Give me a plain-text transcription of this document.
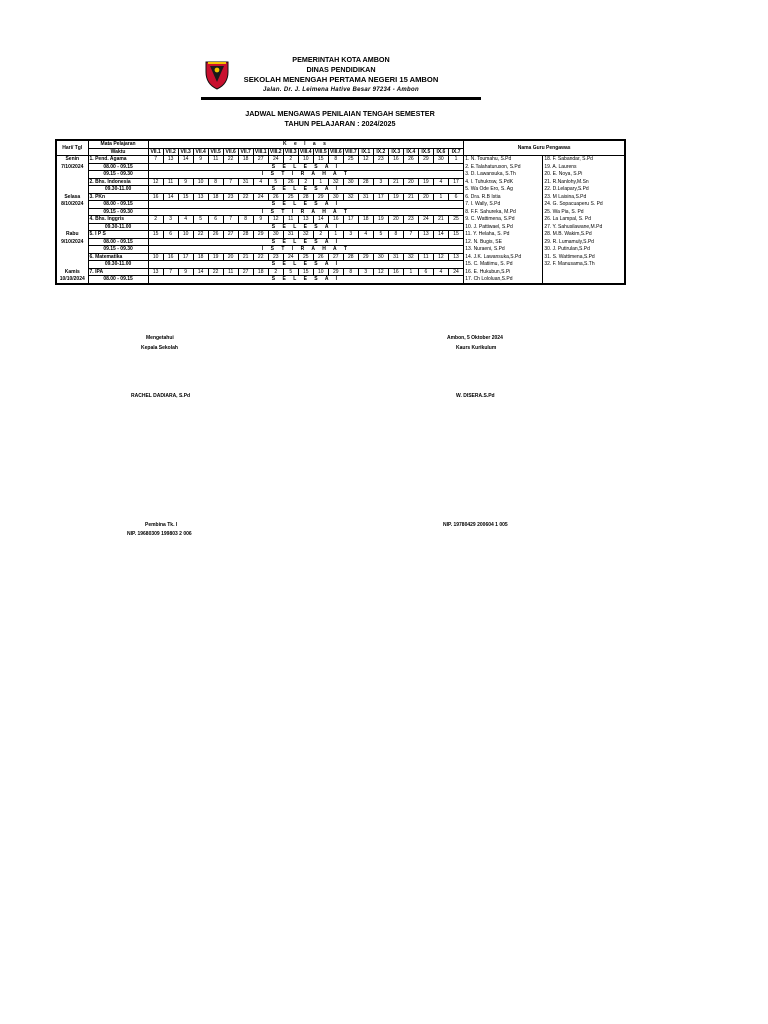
PEMERINTAH KOTA AMBON
DINAS PENDIDIKAN
SEKOLAH MENENGAH PERTAMA NEGERI 15 AMBON
Jalan. Dr. J. Leimena Hative Besar 97234 - Ambon
JADWAL MENGAWAS PENILAIAN TENGAH SEMESTER
TAHUN PELAJARAN : 2024/2025
Hari/ Tgl	Mata Pelajaran	K e l a s																					Nama Guru Pengawas	
	Waktu	VII.1	VII.2	VII.3	VII.4	VII.5	VII.6	VII.7	VIII.1	VIII.2	VIII.3	VIII.4	VIII.5	VIII.6	VIII.7	IX.1	IX.2	IX.3	IX.4	IX.5	IX.6	IX.7		
Senin	1. Pend. Agama	7	13	14	9	11	22	18	27	24	2	10	15	8	25	12	23	16	26	29	30	1	1. N. Toumahu, S.Pd	18. F. Sabandar, S.Pd
7/10/2024	08.00 - 09.15	S E L E S A I																					2. E.Talahaturuson, S.Pd	19. A. Laurens
	09.15 - 09.30	I S T I R A H A T																					3. D. Lawansuka, S.Th	20. E. Noya, S.Pi
	2. Bhs. Indonesia	12	11	9	10	8	7	31	4	5	26	2	1	32	30	28	3	21	20	19	4	17	4. I. Tuhukrsw, S.PdK	21. R.Nanlohy,M.Sn
	09.30-11.00	S E L E S A I																					5. Wa Ode Ero, S. Ag	22. D.Lelapary,S.Pd
Selasa	3. PKn	16	14	15	13	18	23	22	24	26	25	28	29	30	32	31	17	19	21	20	1	6	6. Dra. R.B Istia	23. M Laisina,S.Pd
8/10/2024	08.00 - 09.15	S E L E S A I																					7. I. Wally, S.Pd	24. G. Sopacuaperu S. Pd
	09.15 - 09.30	I S T I R A H A T																					8. F.F. Sahureka, M.Pd	25. Wa Pia, S. Pd
	4. Bhs. Inggris	2	3	4	5	6	7	8	9	12	11	13	14	16	17	18	19	20	23	24	21	25	9. C. Wattimena, S.Pd	26. La Lampal, S. Pd
	09.30-11.00	S E L E S A I																					10. J. Pattiwael, S.Pd	27. Y. Sahusilawane,M.Pd
Rabu	5. I P S	15	6	10	22	26	27	28	29	30	31	32	2	1	3	4	5	8	7	13	14	15	11. Y. Helaha, S. Pd	28. M.B. Wakim,S.Pd
9/10/2024	08.00 - 09.15	S E L E S A I																					12. N. Bugis, SE	29. R. Lumamuly,S.Pd
	09.15 - 09.30	I S T I R A H A T																					13. Nuraeni, S.Pd	30. J. Putirulan,S.Pd
	6. Matematika	10	16	17	18	19	20	21	22	23	24	25	26	27	28	29	30	31	32	11	12	13	14. J.K. Lawansuka,S.Pd	31. S. Wattimena,S.Pd
	09.30-11.00	S E L E S A I																					15. C. Matiimu, S. Pd	32. F. Manusama,S.Th
Kamis	7. IPA	13	7	9	14	22	11	27	18	2	5	15	10	29	8	3	12	16	1	6	4	24	16. E. Hukubun,S.Pi	
10/10/2024	08.00 - 09.15	S E L E S A I																					17. Ch Lololuan,S.Pd	
Mengetahui
Kepala Sekolah
RACHEL DADIARA, S.Pd
Pembina Tk. I
NIP. 19680309 199803 2 006
Ambon, 5 Oktober 2024
Kaurs Kurikulum
W. DISERA.S.Pd
NIP. 19780429 200604 1 005
